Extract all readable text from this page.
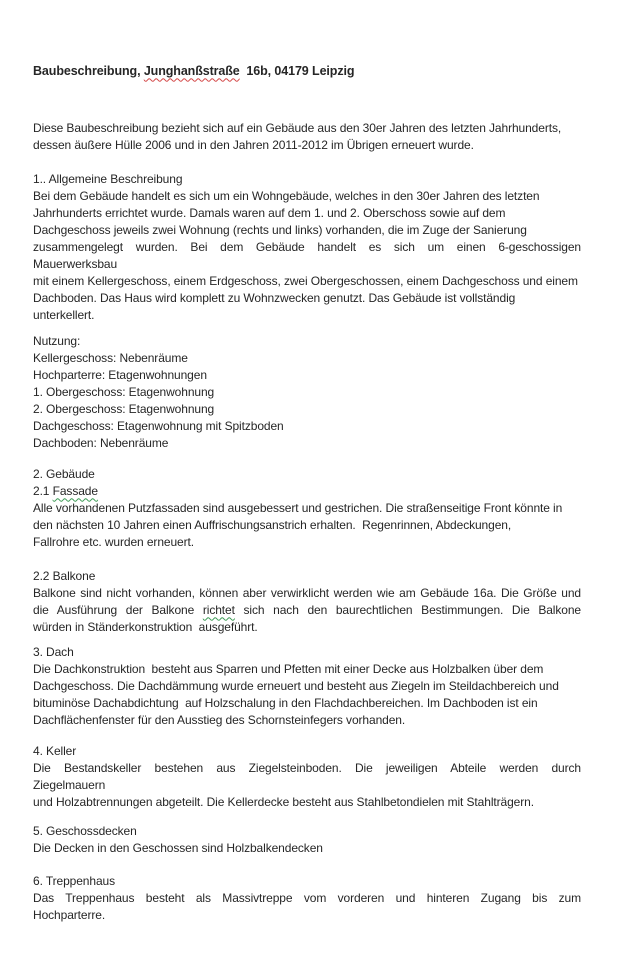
Baubeschreibung, Junghanßstraße  16b, 04179 Leipzig
Diese Baubeschreibung bezieht sich auf ein Gebäude aus den 30er Jahren des letzten Jahrhunderts,
dessen äußere Hülle 2006 und in den Jahren 2011-2012 im Übrigen erneuert wurde.
1.. Allgemeine Beschreibung
Bei dem Gebäude handelt es sich um ein Wohngebäude, welches in den 30er Jahren des letzten
Jahrhunderts errichtet wurde. Damals waren auf dem 1. und 2. Oberschoss sowie auf dem
Dachgeschoss jeweils zwei Wohnung (rechts und links) vorhanden, die im Zuge der Sanierung
zusammengelegt wurden. Bei dem Gebäude handelt es sich um einen 6-geschossigen
Mauerwerksbau
mit einem Kellergeschoss, einem Erdgeschoss, zwei Obergeschossen, einem Dachgeschoss und einem
Dachboden. Das Haus wird komplett zu Wohnzwecken genutzt. Das Gebäude ist vollständig
unterkellert.
Nutzung:
Kellergeschoss: Nebenräume
Hochparterre: Etagenwohnungen
1. Obergeschoss: Etagenwohnung
2. Obergeschoss: Etagenwohnung
Dachgeschoss: Etagenwohnung mit Spitzboden
Dachboden: Nebenräume
2. Gebäude
2.1 Fassade
Alle vorhandenen Putzfassaden sind ausgebessert und gestrichen. Die straßenseitige Front könnte in
den nächsten 10 Jahren einen Auffrischungsanstrich erhalten.  Regenrinnen, Abdeckungen,
Fallrohre etc. wurden erneuert.
2.2 Balkone
Balkone sind nicht vorhanden, können aber verwirklicht werden wie am Gebäude 16a. Die Größe und
die Ausführung der Balkone richtet sich nach den baurechtlichen Bestimmungen. Die Balkone
würden in Ständerkonstruktion  ausgeführt.
3. Dach
Die Dachkonstruktion  besteht aus Sparren und Pfetten mit einer Decke aus Holzbalken über dem
Dachgeschoss. Die Dachdämmung wurde erneuert und besteht aus Ziegeln im Steildachbereich und
bituminöse Dachabdichtung  auf Holzschalung in den Flachdachbereichen. Im Dachboden ist ein
Dachflächenfenster für den Ausstieg des Schornsteinfegers vorhanden.
4. Keller
Die Bestandskeller bestehen aus Ziegelsteinboden. Die jeweiligen Abteile werden durch
Ziegelmauern
und Holzabtrennungen abgeteilt. Die Kellerdecke besteht aus Stahlbetondielen mit Stahlträgern.
5. Geschossdecken
Die Decken in den Geschossen sind Holzbalkendecken
6. Treppenhaus
Das Treppenhaus besteht als Massivtreppe vom vorderen und hinteren Zugang bis zum
Hochparterre.
